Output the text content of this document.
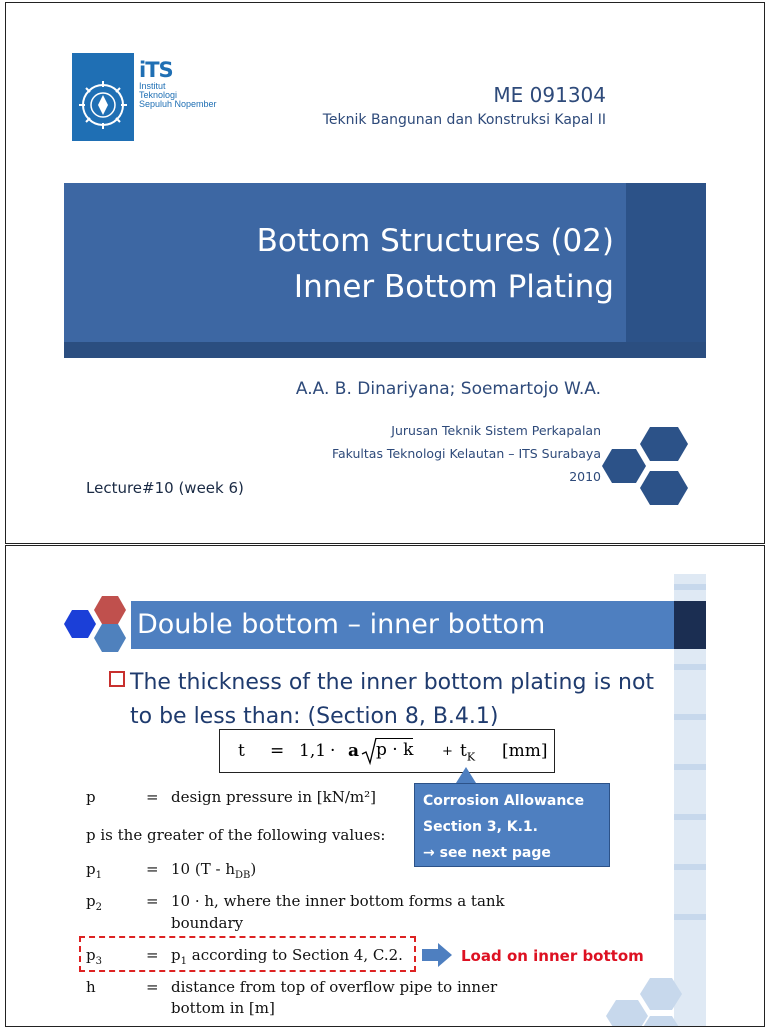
iTS
Institut
Teknologi
Sepuluh Nopember	ME 091304
Teknik Bangunan dan Konstruksi Kapal II
Bottom Structures (02)
Inner Bottom Plating
A.A. B. Dinariyana; Soemartojo W.A.
Jurusan Teknik Sistem Perkapalan
Fakultas Teknologi Kelautan – ITS Surabaya
2010
Lecture#10 (week 6)
Double bottom – inner bottom
The thickness of the inner bottom plating is not to be less than: (Section 8, B.4.1)
t = 1,1 · a $p \cdot k + t_K$ [mm]
Corrosion Allowance
Section 3, K.1.
→ see next page
p	= design pressure in [kN/m²]
p is the greater of the following values:
$p_1$	= 10 $(T - h_{DB})$
$p_2$	= 10 · h, where the inner bottom forms a tank
boundary
$p_3$	= $p_1$ according to Section 4, C.2.	Load on inner bottom
h	= distance from top of overflow pipe to inner
bottom in [m]
